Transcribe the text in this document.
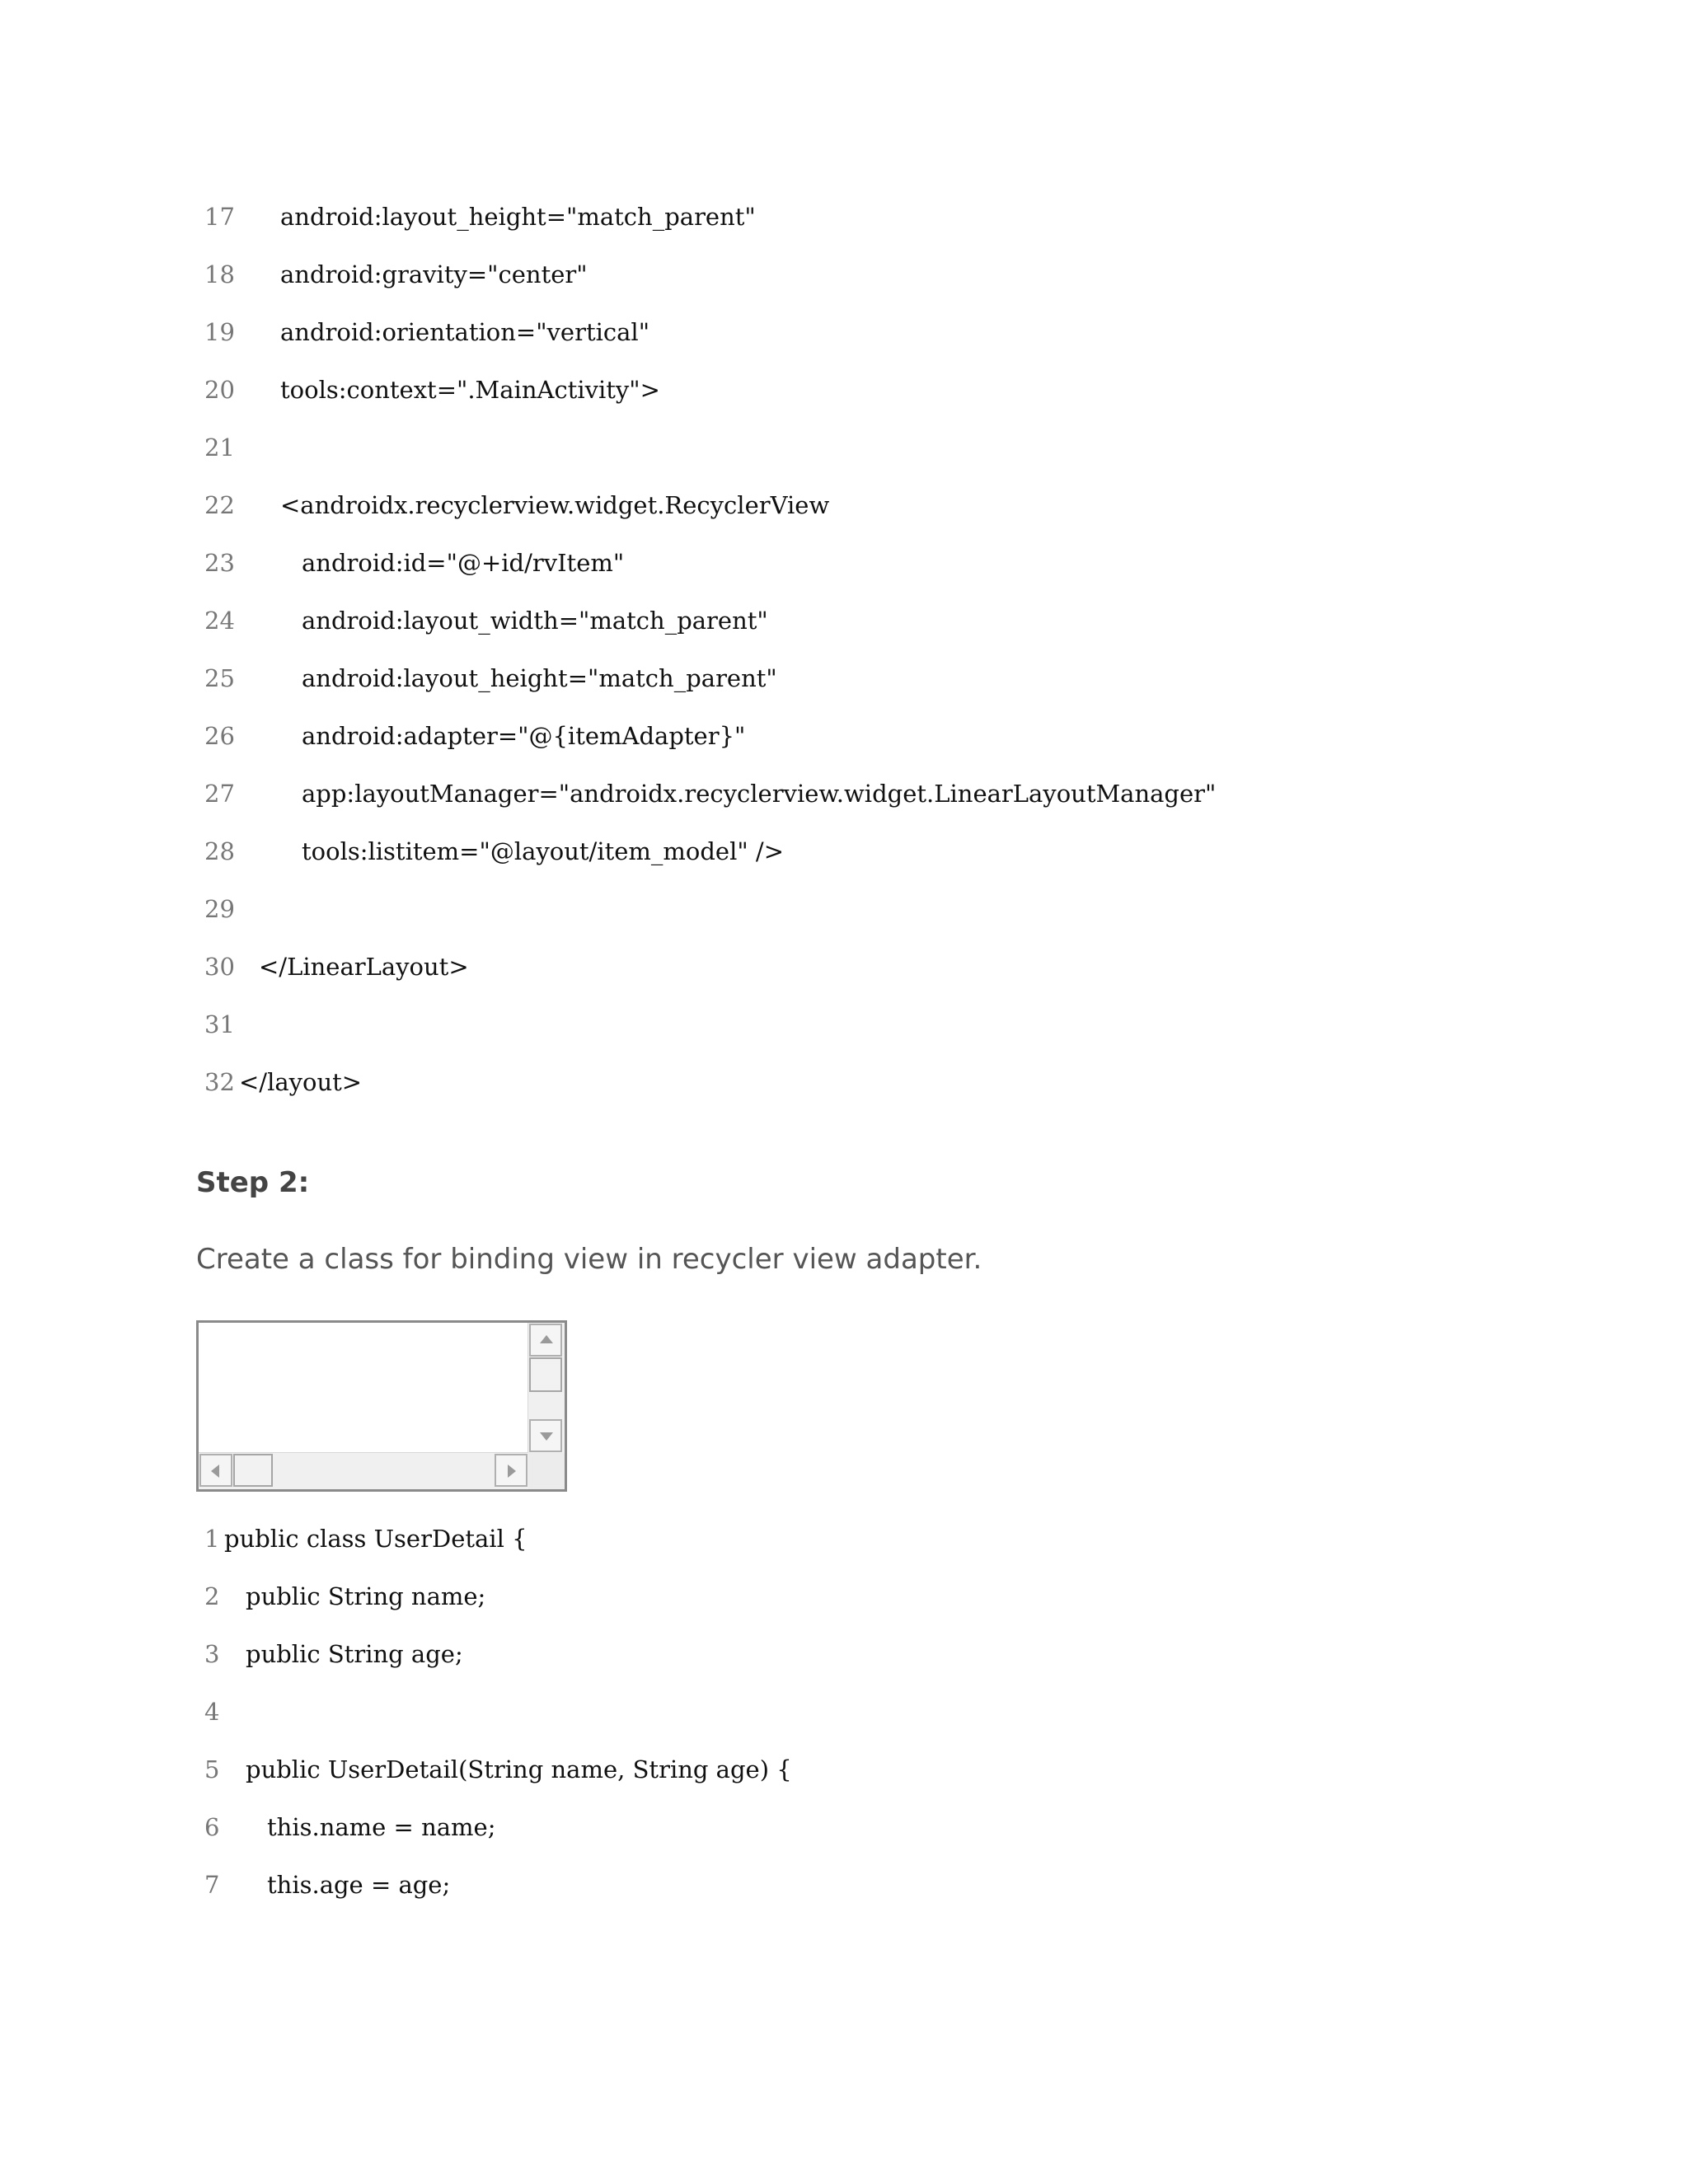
17

android:layout_height="match_parent"

18

android:gravity="center"

19

android:orientation="vertical"

20

tools:context=".MainActivity">

21

22

<androidx.recyclerview.widget.RecyclerView

23

	android:id="@+id/rvItem"

24

	android:layout_width="match_parent"

25

	android:layout_height="match_parent"

26

	android:adapter="@{itemAdapter}"

27

	app:layoutManager="androidx.recyclerview.widget.LinearLayoutManager"

28

	tools:listitem="@layout/item_model" />

29

30

</LinearLayout>

31

32

</layout>

Step 2:
Create a class for binding view in recycler view adapter.

1

public class UserDetail {

2

public String name;

3

public String age;

4

5

public UserDetail(String name, String age) {

6

this.name = name;

7

this.age = age;
